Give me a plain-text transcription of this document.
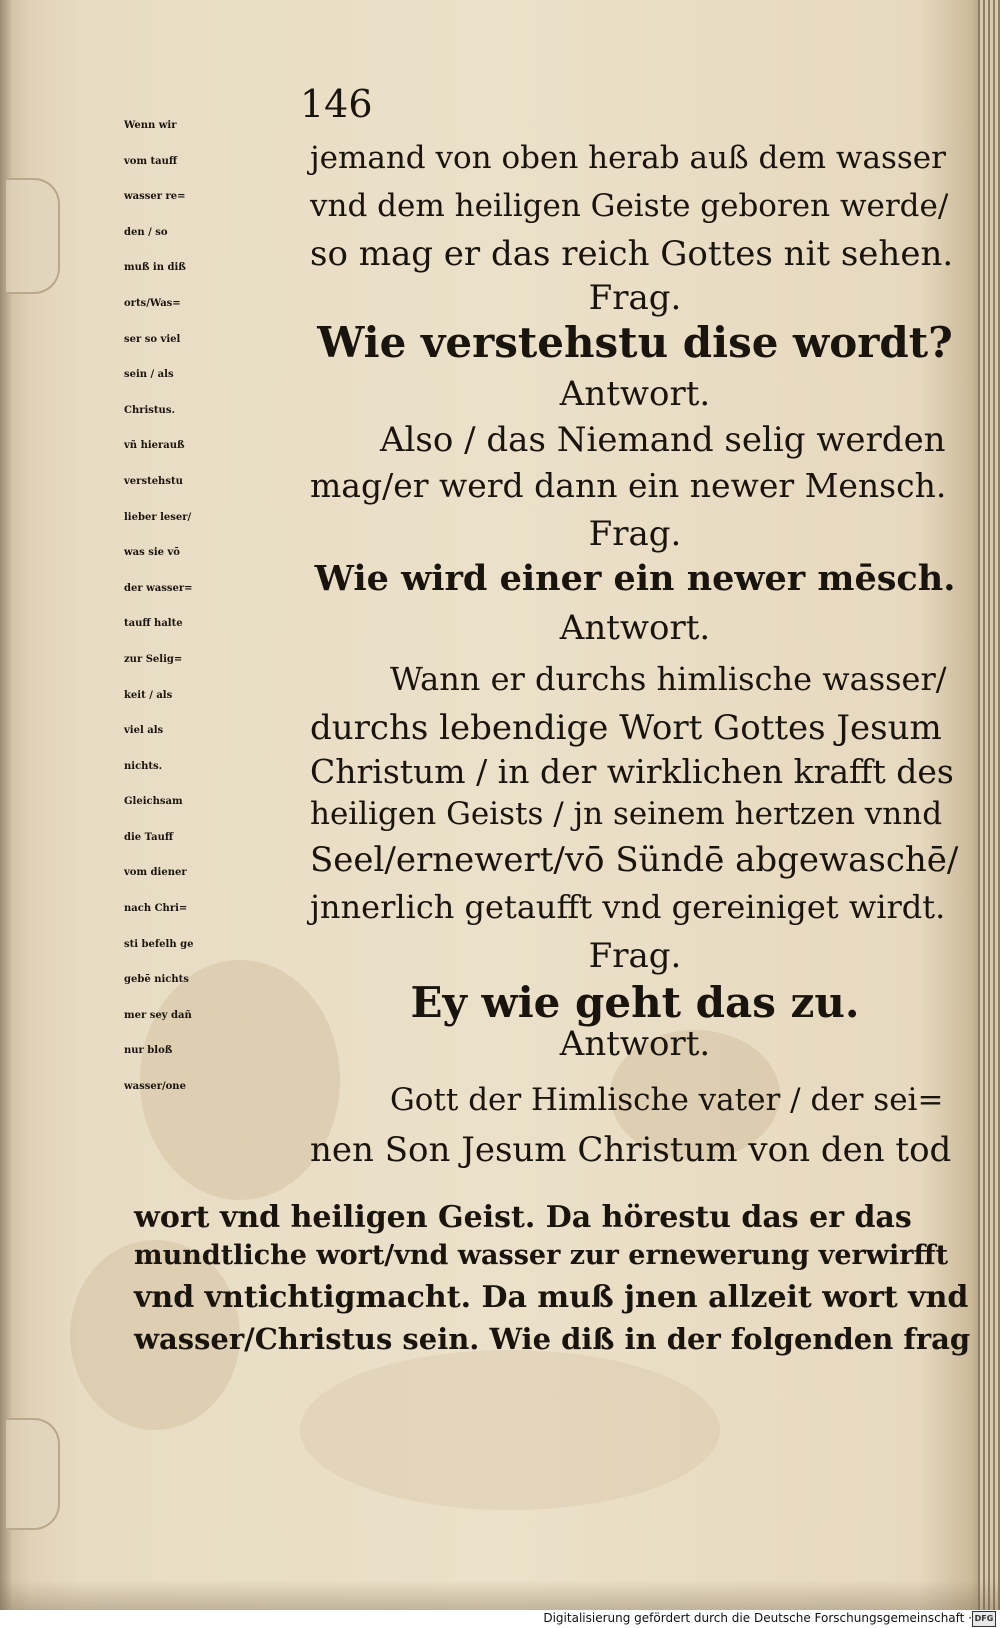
146
Wenn wir
vom tauff
wasser re=
den / so
muß in diß
orts/Was=
ser so viel
sein / als
Christus.
vñ hierauß
verstehstu
lieber leser/
was sie vō
der wasser=
tauff halte
zur Selig=
keit / als
viel als
nichts.
Gleichsam
die Tauff
vom diener
nach Chri=
sti befelh ge
gebē nichts
mer sey dañ
nur bloß
wasser/one
jemand von oben herab auß dem wasser
vnd dem heiligen Geiste geboren werde/
so mag er das reich Gottes nit sehen.
Frag.
Wie verstehstu dise wordt?
Antwort.
Also / das Niemand selig werden
mag/er werd dann ein newer Mensch.
Frag.
Wie wird einer ein newer mēsch.
Antwort.
Wann er durchs himlische wasser/
durchs lebendige Wort Gottes Jesum
Christum / in der wirklichen krafft des
heiligen Geists / jn seinem hertzen vnnd
Seel/ernewert/vō Sündē abgewaschē/
jnnerlich getaufft vnd gereiniget wirdt.
Frag.
Ey wie geht das zu.
Antwort.
Gott der Himlische vater / der sei=
nen Son Jesum Christum von den tod
wort vnd heiligen Geist. Da hörestu das er das
mundtliche wort/vnd wasser zur ernewerung verwirfft
vnd vntichtigmacht. Da muß jnen allzeit wort vnd
wasser/Christus sein. Wie diß in der folgenden frag
Digitalisierung gefördert durch die Deutsche Forschungsgemeinschaft · DFG
